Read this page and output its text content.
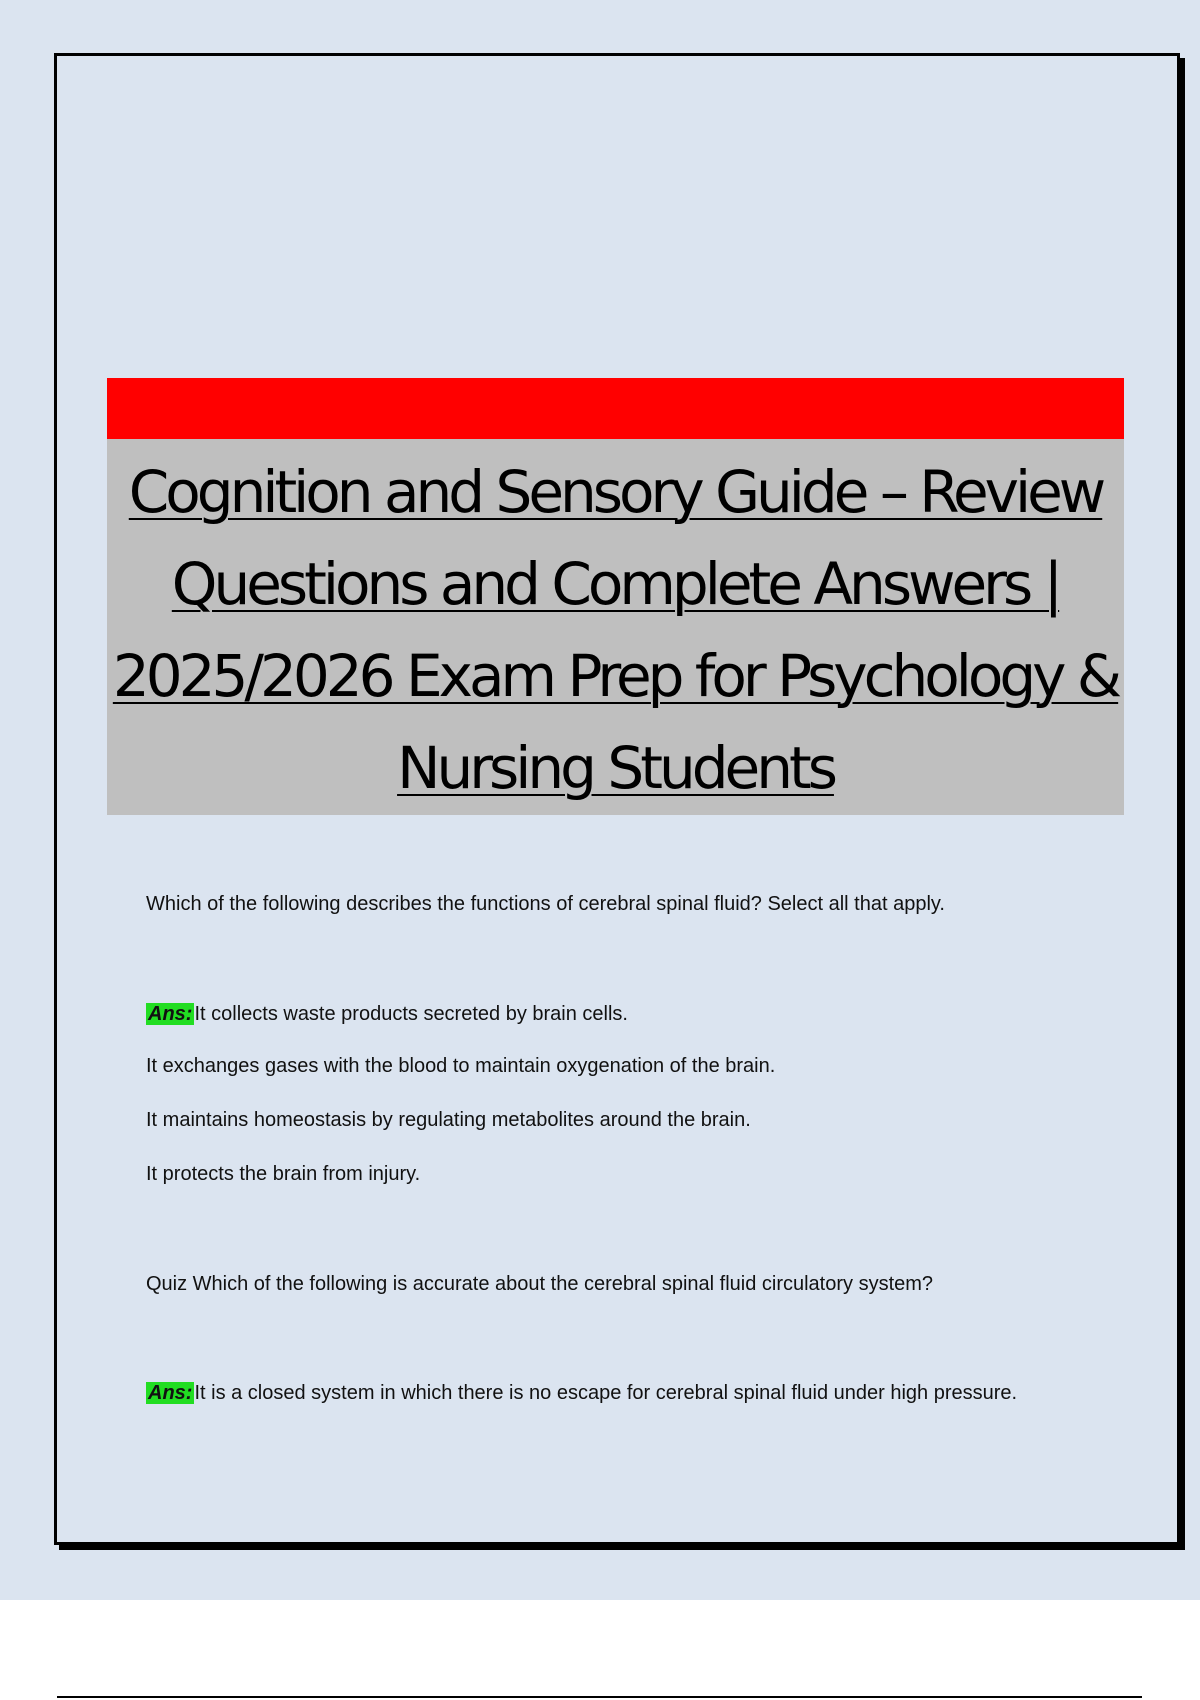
Cognition and Sensory Guide – Review
Questions and Complete Answers |
2025/2026 Exam Prep for Psychology &
Nursing Students

Which of the following describes the functions of cerebral spinal fluid? Select all that apply.

Ans: It collects waste products secreted by brain cells.

It exchanges gases with the blood to maintain oxygenation of the brain.

It maintains homeostasis by regulating metabolites around the brain.

It protects the brain from injury.

Quiz Which of the following is accurate about the cerebral spinal fluid circulatory system?

Ans: It is a closed system in which there is no escape for cerebral spinal fluid under high pressure.
